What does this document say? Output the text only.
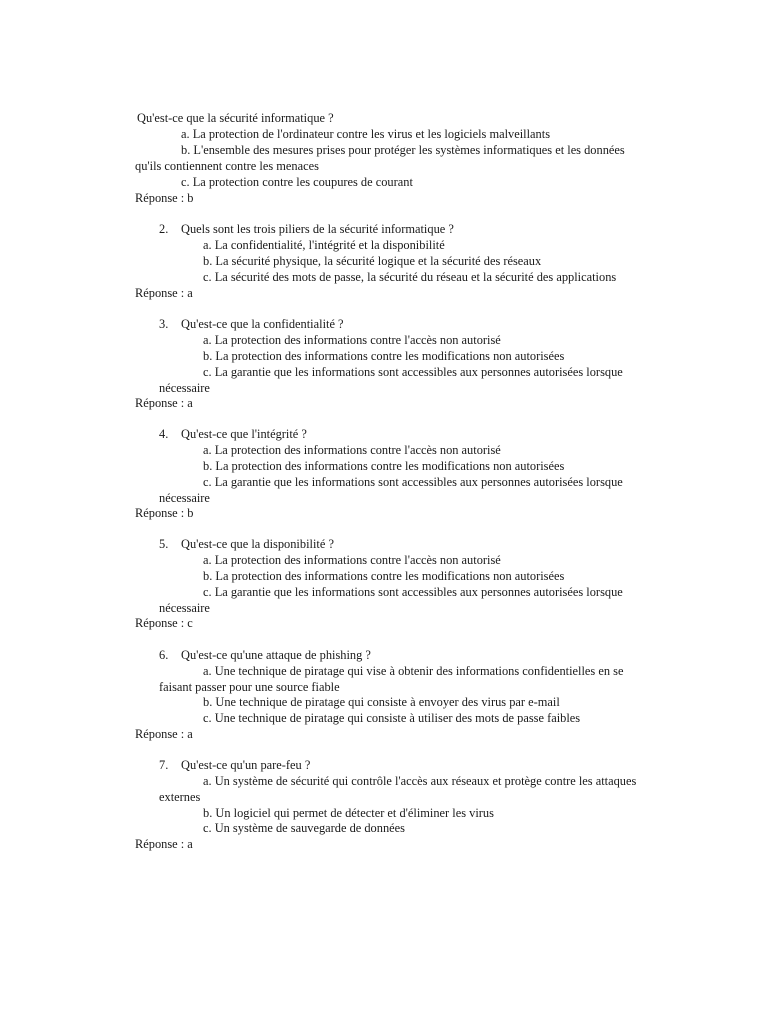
Qu'est-ce que la sécurité informatique ?
a. La protection de l'ordinateur contre les virus et les logiciels malveillants
b. L'ensemble des mesures prises pour protéger les systèmes informatiques et les données
qu'ils contiennent contre les menaces
c. La protection contre les coupures de courant
Réponse : b
2. Quels sont les trois piliers de la sécurité informatique ?
a. La confidentialité, l'intégrité et la disponibilité
b. La sécurité physique, la sécurité logique et la sécurité des réseaux
c. La sécurité des mots de passe, la sécurité du réseau et la sécurité des applications
Réponse : a
3. Qu'est-ce que la confidentialité ?
a. La protection des informations contre l'accès non autorisé
b. La protection des informations contre les modifications non autorisées
c. La garantie que les informations sont accessibles aux personnes autorisées lorsque
nécessaire
Réponse : a
4. Qu'est-ce que l'intégrité ?
a. La protection des informations contre l'accès non autorisé
b. La protection des informations contre les modifications non autorisées
c. La garantie que les informations sont accessibles aux personnes autorisées lorsque
nécessaire
Réponse : b
5. Qu'est-ce que la disponibilité ?
a. La protection des informations contre l'accès non autorisé
b. La protection des informations contre les modifications non autorisées
c. La garantie que les informations sont accessibles aux personnes autorisées lorsque
nécessaire
Réponse : c
6. Qu'est-ce qu'une attaque de phishing ?
a. Une technique de piratage qui vise à obtenir des informations confidentielles en se
faisant passer pour une source fiable
b. Une technique de piratage qui consiste à envoyer des virus par e-mail
c. Une technique de piratage qui consiste à utiliser des mots de passe faibles
Réponse : a
7. Qu'est-ce qu'un pare-feu ?
a. Un système de sécurité qui contrôle l'accès aux réseaux et protège contre les attaques
externes
b. Un logiciel qui permet de détecter et d'éliminer les virus
c. Un système de sauvegarde de données
Réponse : a
